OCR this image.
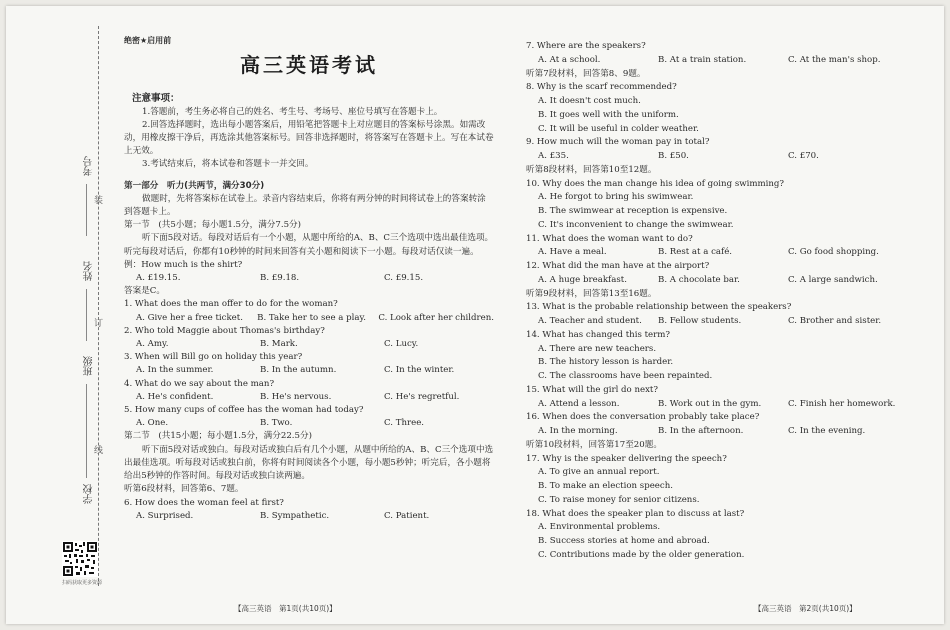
考号
姓名
班级
学校
装
订
线
扫码获取更多资源
绝密★启用前
高三英语考试
注意事项：
1.答题前，考生务必将自己的姓名、考生号、考场号、座位号填写在答题卡上。
2.回答选择题时，选出每小题答案后，用铅笔把答题卡上对应题目的答案标号涂黑。如需改动，用橡皮擦干净后，再选涂其他答案标号。回答非选择题时，将答案写在答题卡上。写在本试卷上无效。
3.考试结束后，将本试卷和答题卡一并交回。
第一部分　听力(共两节，满分30分)
做题时，先将答案标在试卷上。录音内容结束后，你将有两分钟的时间将试卷上的答案转涂到答题卡上。
第一节　(共5小题；每小题1.5分，满分7.5分)
听下面5段对话。每段对话后有一个小题，从题中所给的A、B、C三个选项中选出最佳选项。听完每段对话后，你都有10秒钟的时间来回答有关小题和阅读下一小题。每段对话仅读一遍。
例：How much is the shirt?
A. £19.15.	B. £9.18.	C. £9.15.
答案是C。
1. What does the man offer to do for the woman?
A. Give her a free ticket.	B. Take her to see a play.	C. Look after her children.
2. Who told Maggie about Thomas's birthday?
A. Amy.	B. Mark.	C. Lucy.
3. When will Bill go on holiday this year?
A. In the summer.	B. In the autumn.	C. In the winter.
4. What do we say about the man?
A. He's confident.	B. He's nervous.	C. He's regretful.
5. How many cups of coffee has the woman had today?
A. One.	B. Two.	C. Three.
第二节　(共15小题；每小题1.5分，满分22.5分)
听下面5段对话或独白。每段对话或独白后有几个小题，从题中所给的A、B、C三个选项中选出最佳选项。听每段对话或独白前，你将有时间阅读各个小题，每小题5秒钟；听完后，各小题将给出5秒钟的作答时间。每段对话或独白读两遍。
听第6段材料，回答第6、7题。
6. How does the woman feel at first?
A. Surprised.	B. Sympathetic.	C. Patient.
7. Where are the speakers?
A. At a school.	B. At a train station.	C. At the man's shop.
听第7段材料，回答第8、9题。
8. Why is the scarf recommended?
A. It doesn't cost much.
B. It goes well with the uniform.
C. It will be useful in colder weather.
9. How much will the woman pay in total?
A. £35.	B. £50.	C. £70.
听第8段材料，回答第10至12题。
10. Why does the man change his idea of going swimming?
A. He forgot to bring his swimwear.
B. The swimwear at reception is expensive.
C. It's inconvenient to change the swimwear.
11. What does the woman want to do?
A. Have a meal.	B. Rest at a café.	C. Go food shopping.
12. What did the man have at the airport?
A. A huge breakfast.	B. A chocolate bar.	C. A large sandwich.
听第9段材料，回答第13至16题。
13. What is the probable relationship between the speakers?
A. Teacher and student.	B. Fellow students.	C. Brother and sister.
14. What has changed this term?
A. There are new teachers.
B. The history lesson is harder.
C. The classrooms have been repainted.
15. What will the girl do next?
A. Attend a lesson.	B. Work out in the gym.	C. Finish her homework.
16. When does the conversation probably take place?
A. In the morning.	B. In the afternoon.	C. In the evening.
听第10段材料，回答第17至20题。
17. Why is the speaker delivering the speech?
A. To give an annual report.
B. To make an election speech.
C. To raise money for senior citizens.
18. What does the speaker plan to discuss at last?
A. Environmental problems.
B. Success stories at home and abroad.
C. Contributions made by the older generation.
【高三英语　第1页(共10页)】	【高三英语　第2页(共10页)】
